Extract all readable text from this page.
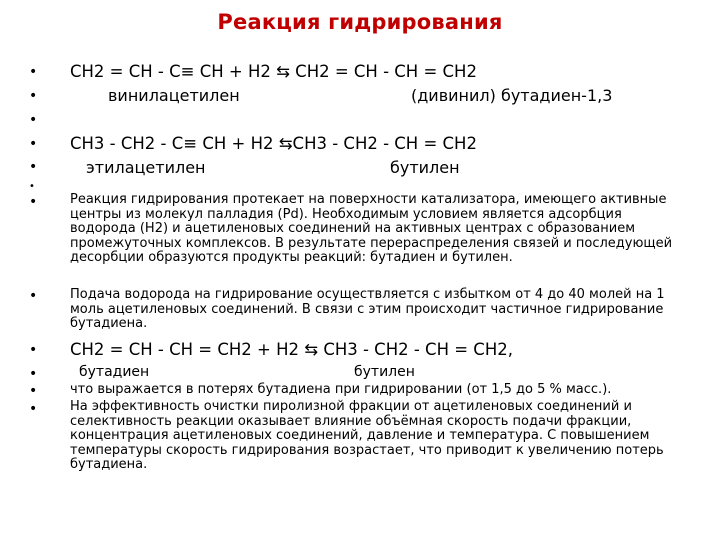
Реакция гидрирования
•
•
•
•
•
•
•
•
•
•
•
•
CH2 = CH - C≡ CH + H2 ⇆ CH2 = CH - CH = CH2
винилацетилен	(дивинил) бутадиен-1,3
CH3 - CH2 - C≡ CH + H2 ⇆CH3 - CH2 - CH = CH2
этилацетилен	бутилен
Реакция гидрирования протекает на поверхности катализатора, имеющего активные центры из молекул палладия (Pd). Необходимым условием является адсорбция водорода (H2) и ацетиленовых соединений на активных центрах с образованием промежуточных комплексов. В результате перераспределения связей и последующей десорбции образуются продукты реакций: бутадиен и бутилен.
Подача водорода на гидрирование осуществляется с избытком от 4 до 40 молей на 1 моль ацетиленовых соединений. В связи с этим происходит частичное гидрирование бутадиена.
CH2 = CH - CH = CH2 + H2 ⇆ CH3 - CH2 - CH = CH2,
бутадиен	бутилен
что выражается в потерях бутадиена при гидрировании (от 1,5 до 5 % масс.).
На эффективность очистки пиролизной фракции от ацетиленовых соединений и селективность реакции оказывает влияние объёмная скорость подачи фракции, концентрация ацетиленовых соединений, давление и температура. С повышением температуры скорость гидрирования возрастает, что приводит к увеличению потерь бутадиена.
